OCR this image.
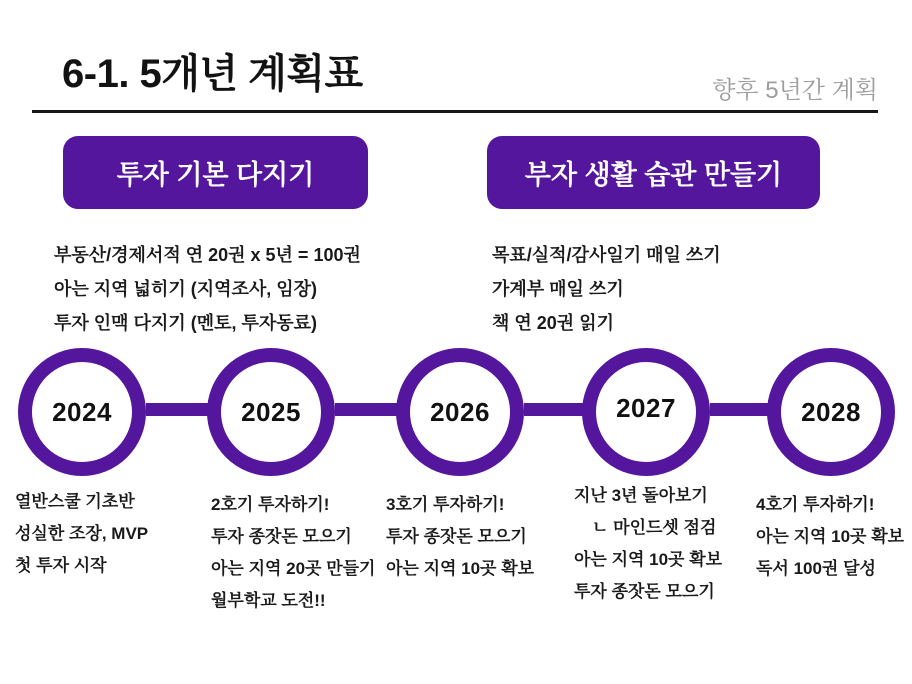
6-1. 5개년 계획표	향후 5년간 계획
투자 기본 다지기	부자 생활 습관 만들기
부동산/경제서적 연 20권 x 5년 = 100권
아는 지역 넓히기 (지역조사, 임장)
투자 인맥 다지기 (멘토, 투자동료)
목표/실적/감사일기 매일 쓰기
가계부 매일 쓰기
책 연 20권 읽기
2024	2025	2026	2027	2028
열반스쿨 기초반
성실한 조장, MVP
첫 투자 시작
2호기 투자하기!
투자 종잣돈 모으기
아는 지역 20곳 만들기
월부학교 도전!!
3호기 투자하기!
투자 종잣돈 모으기
아는 지역 10곳 확보
지난 3년 돌아보기
ㄴ 마인드셋 점검
아는 지역 10곳 확보
투자 종잣돈 모으기
4호기 투자하기!
아는 지역 10곳 확보
독서 100권 달성
